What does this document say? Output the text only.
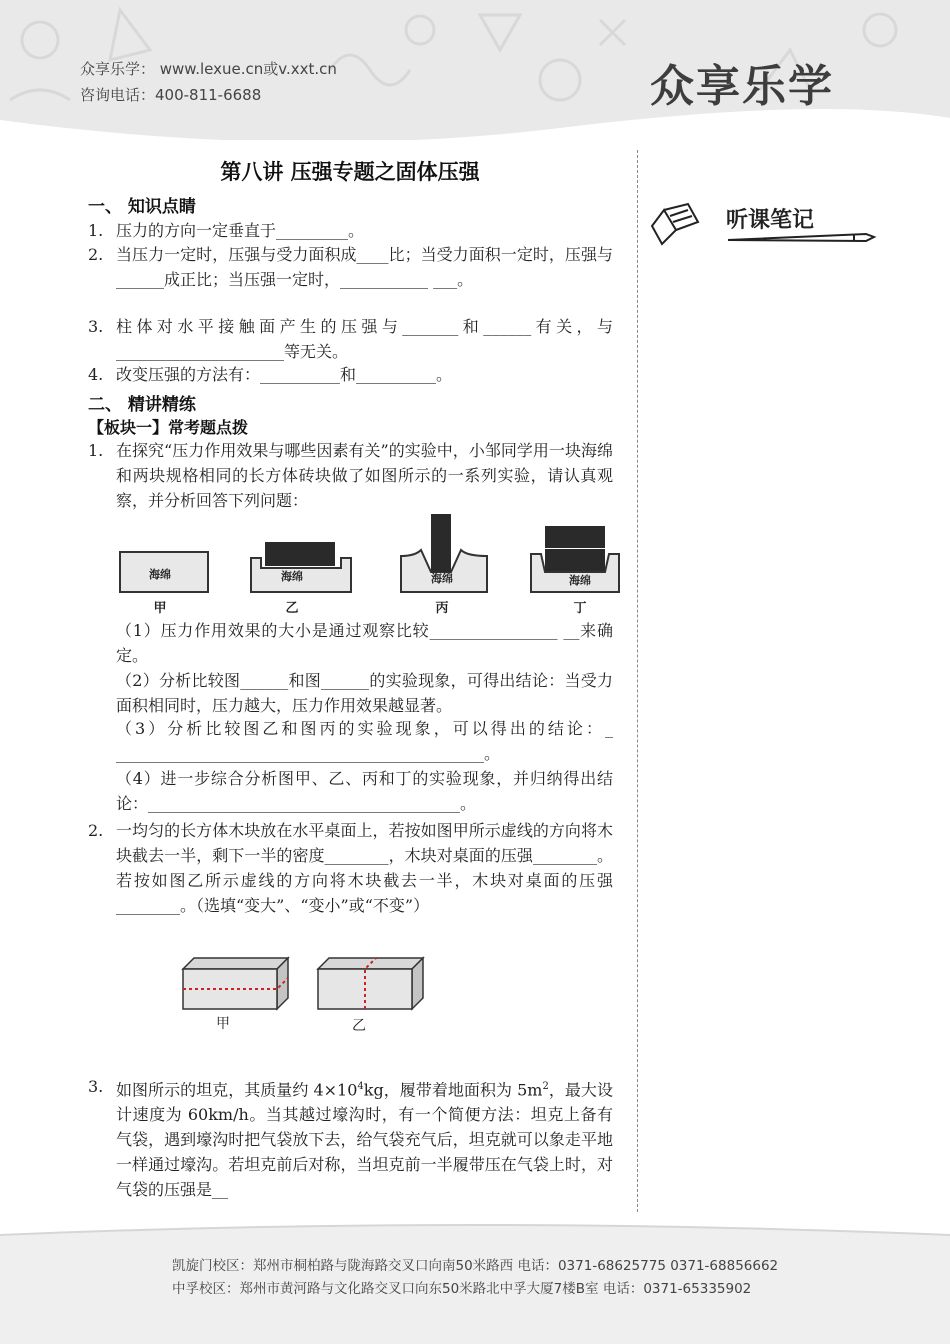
众享乐学： www.lexue.cn或v.xxt.cn
咨询电话：400-811-6688	众享乐学
第八讲 压强专题之固体压强
一、 知识点睛
1. 压力的方向一定垂直于_________。
2. 当压力一定时，压强与受力面积成____比；当受力面积一定时，压强与______成正比；当压强一定时，___________ ___。
3. 柱体对水平接触面产生的压强与_______和______有关，与_____________________等无关。
4. 改变压强的方法有：__________和__________。
二、 精讲精练
【板块一】常考题点拨
1. 在探究“压力作用效果与哪些因素有关”的实验中，小邹同学用一块海绵和两块规格相同的长方体砖块做了如图所示的一系列实验，请认真观察，并分析回答下列问题：
海绵	海绵	海绵	海绵
甲	乙	丙	丁
（1）压力作用效果的大小是通过观察比较________________ __来确定。
（2）分析比较图______和图______的实验现象，可得出结论：当受力面积相同时，压力越大，压力作用效果越显著。
（3）分析比较图乙和图丙的实验现象，可以得出的结论：_ ______________________________________________。
（4）进一步综合分析图甲、乙、丙和丁的实验现象，并归纳得出结论：_______________________________________。
2. 一均匀的长方体木块放在水平桌面上，若按如图甲所示虚线的方向将木块截去一半，剩下一半的密度________，木块对桌面的压强________。若按如图乙所示虚线的方向将木块截去一半，木块对桌面的压强________。（选填“变大”、“变小”或“不变”）
甲	乙
3. 如图所示的坦克，其质量约 $4\times 10^4kg$，履带着地面积为 $5m^2$，最大设计速度为 60km/h。当其越过壕沟时，有一个简便方法：坦克上备有气袋，遇到壕沟时把气袋放下去，给气袋充气后，坦克就可以象走平地一样通过壕沟。若坦克前后对称，当坦克前一半履带压在气袋上时，对气袋的压强是__
听课笔记
凯旋门校区：郑州市桐柏路与陇海路交叉口向南50米路西 电话：0371-68625775 0371-68856662
中孚校区：郑州市黄河路与文化路交叉口向东50米路北中孚大厦7楼B室 电话：0371-65335902
